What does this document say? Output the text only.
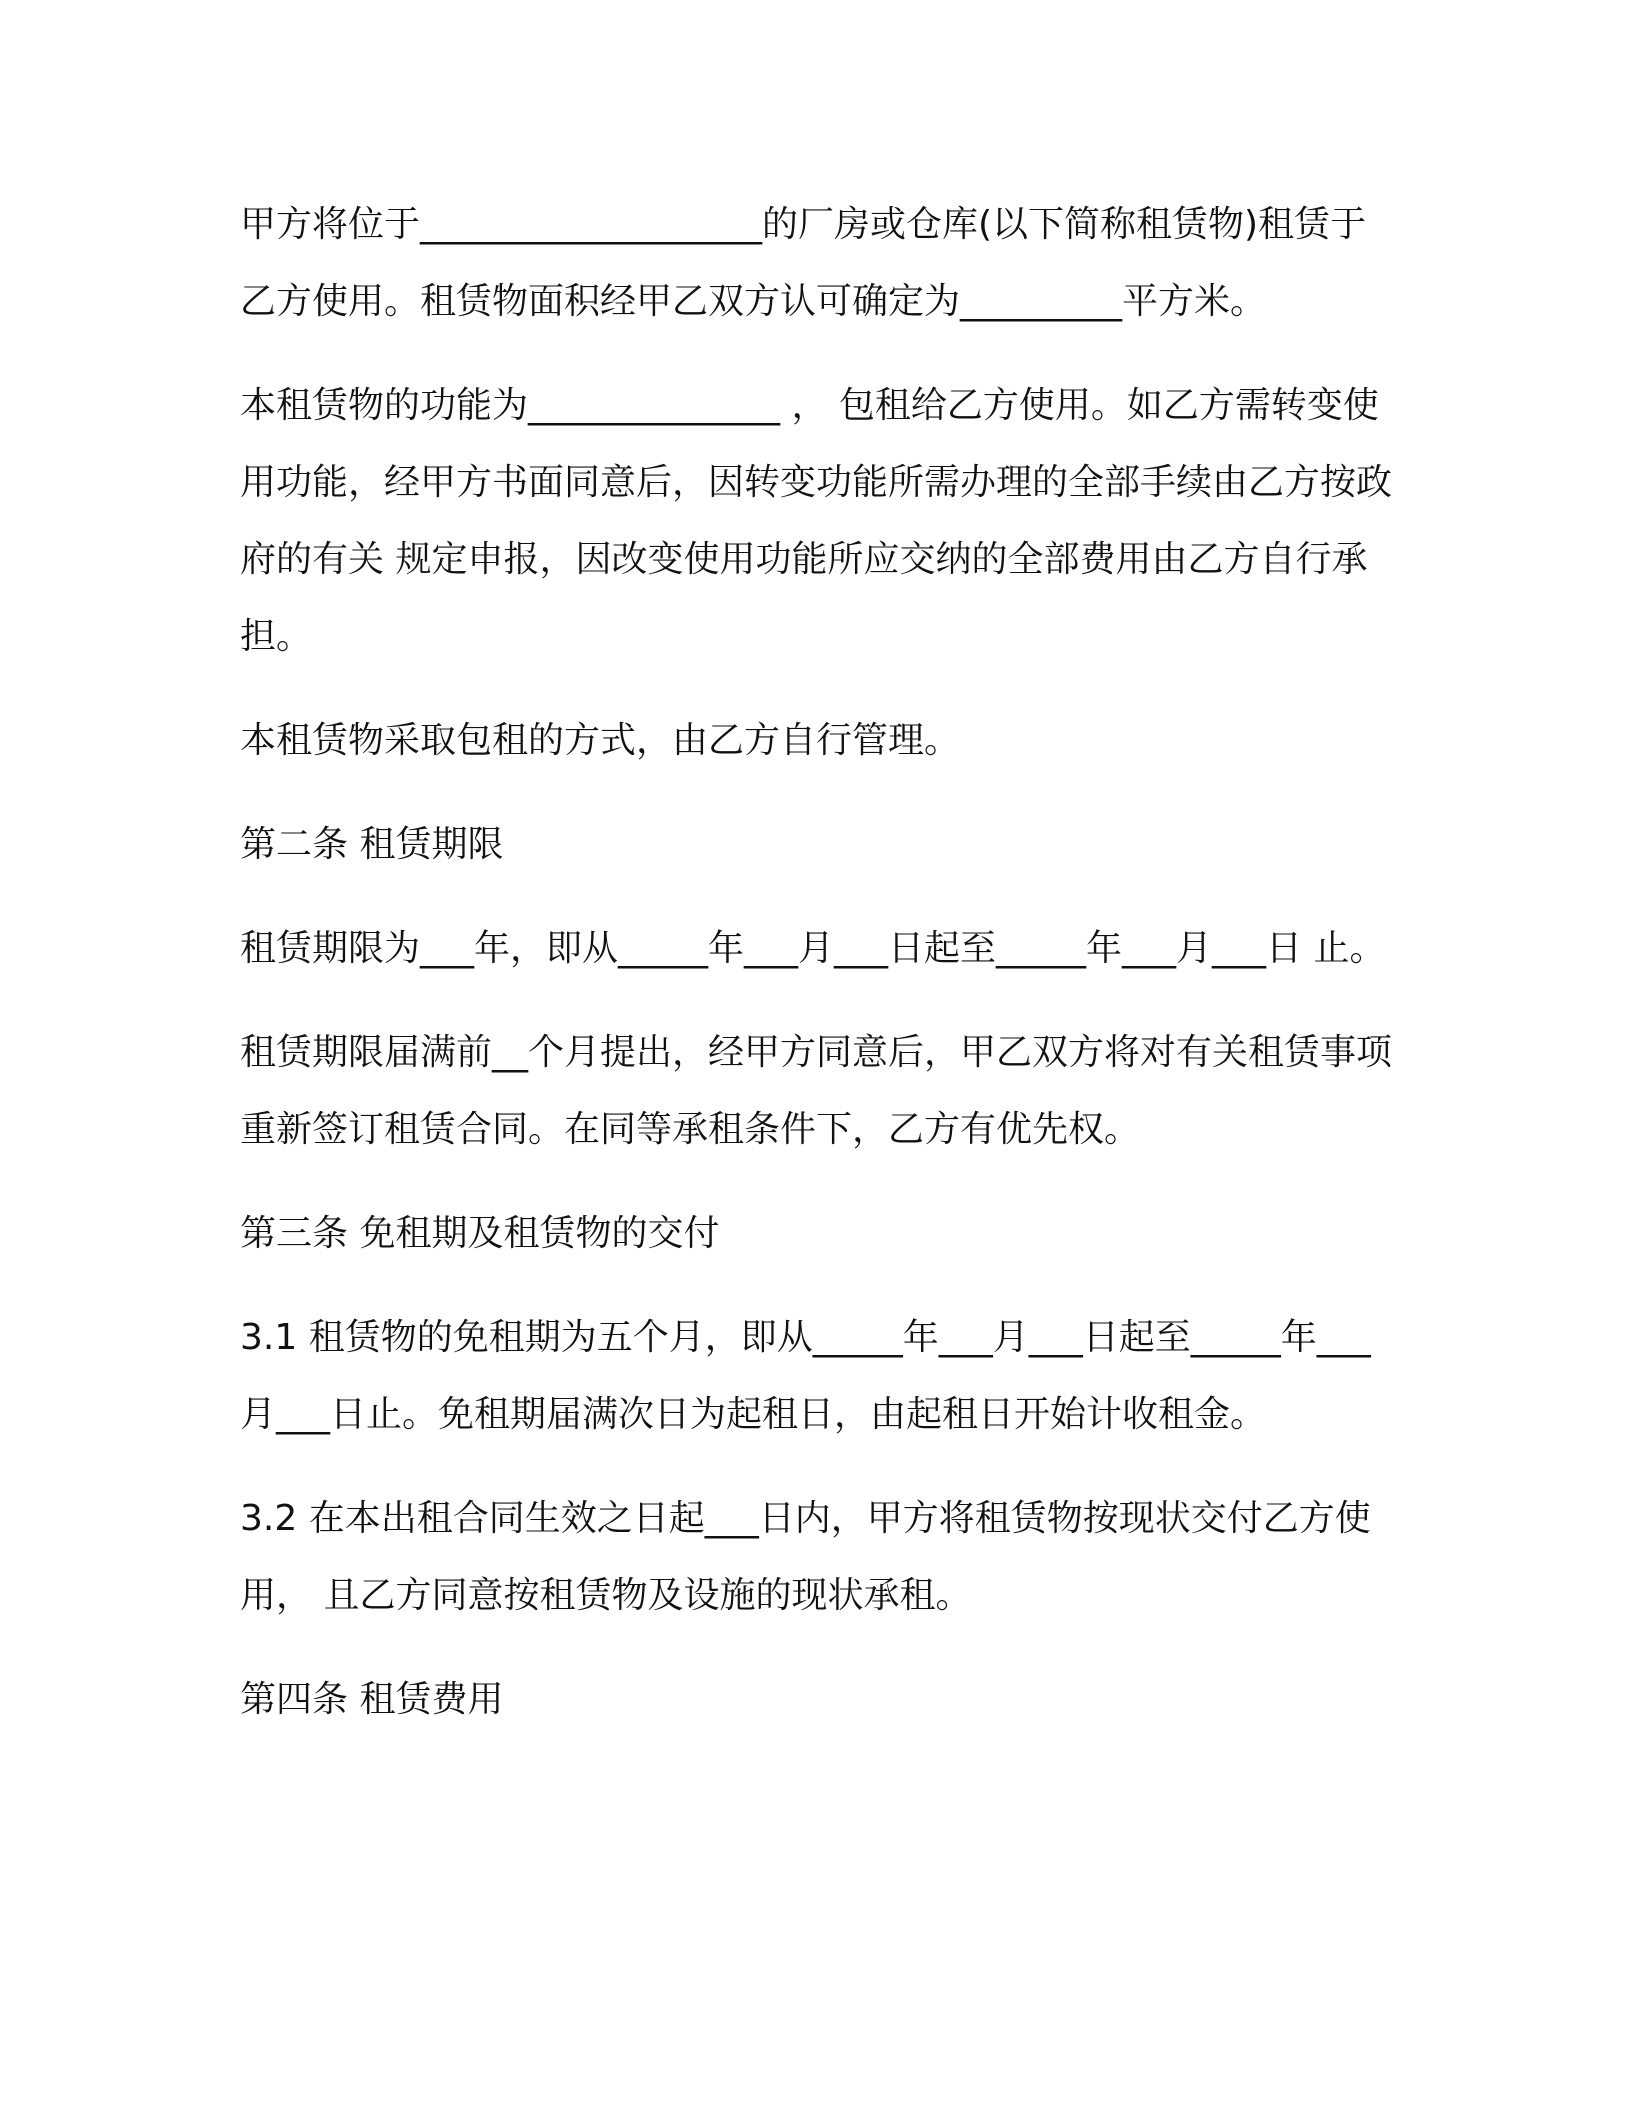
甲方将位于___________________的厂房或仓库(以下简称租赁物)租赁于 乙方使用。租赁物面积经甲乙双方认可确定为_________平方米。

本租赁物的功能为______________ ， 包租给乙方使用。如乙方需转变使用功能，经甲方书面同意后，因转变功能所需办理的全部手续由乙方按政府的有关 规定申报，因改变使用功能所应交纳的全部费用由乙方自行承担。

本租赁物采取包租的方式，由乙方自行管理。

第二条 租赁期限

租赁期限为___年，即从_____年___月___日起至_____年___月___日 止。

租赁期限届满前__个月提出，经甲方同意后，甲乙双方将对有关租赁事项 重新签订租赁合同。在同等承租条件下，乙方有优先权。

第三条 免租期及租赁物的交付

3.1 租赁物的免租期为五个月，即从_____年___月___日起至_____年___ 月___日止。免租期届满次日为起租日，由起租日开始计收租金。

3.2 在本出租合同生效之日起___日内，甲方将租赁物按现状交付乙方使用， 且乙方同意按租赁物及设施的现状承租。

第四条 租赁费用
